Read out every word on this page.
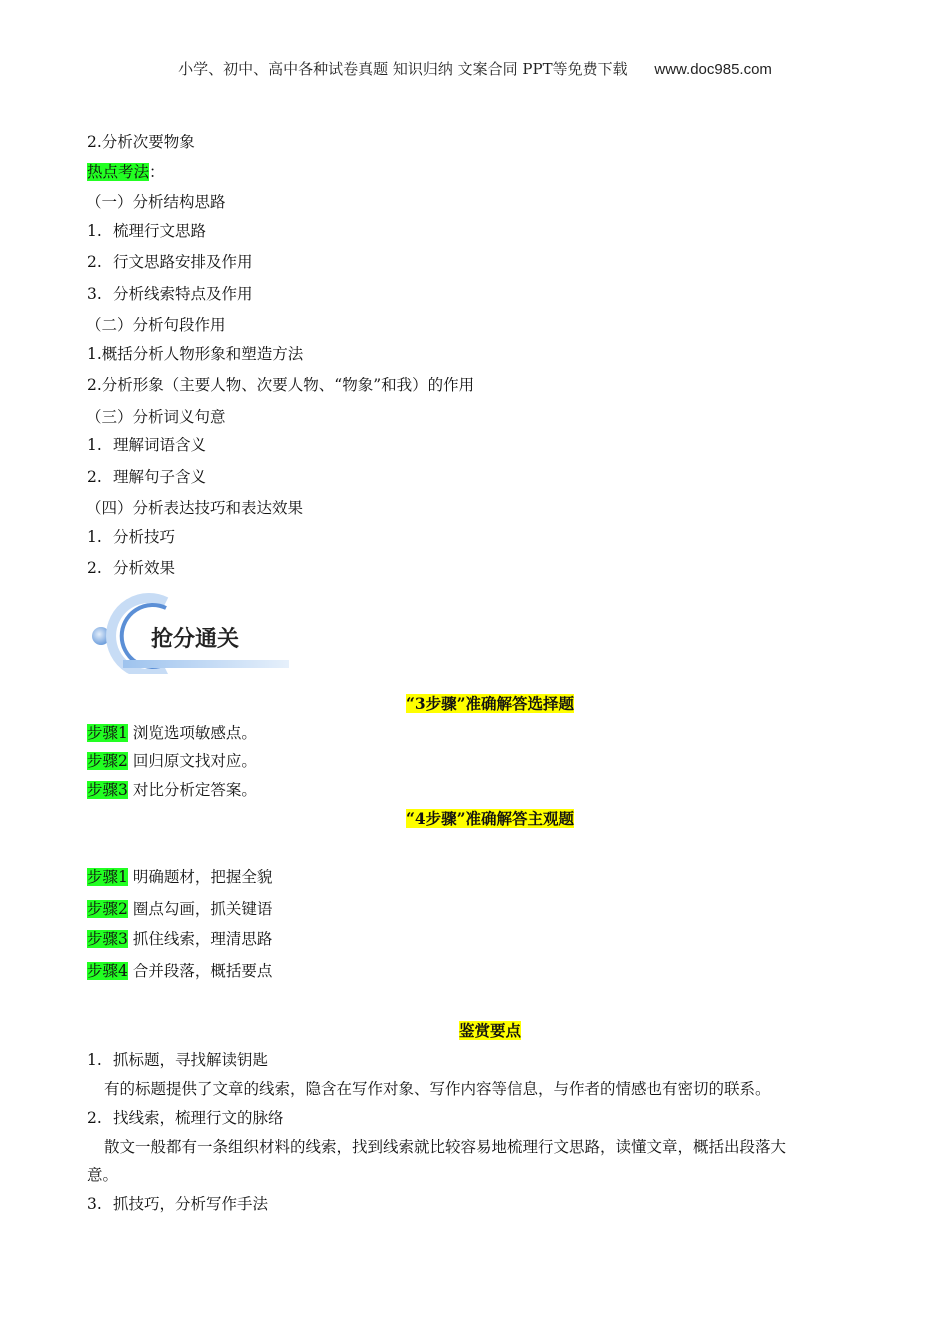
小学、初中、高中各种试卷真题 知识归纳 文案合同 PPT等免费下载 www.doc985.com
2.分析次要物象
热点考法：
（一）分析结构思路
1. 梳理行文思路
2. 行文思路安排及作用
3. 分析线索特点及作用
（二）分析句段作用
1.概括分析人物形象和塑造方法
2.分析形象（主要人物、次要人物、“物象”和我）的作用
（三）分析词义句意
1. 理解词语含义
2. 理解句子含义
（四）分析表达技巧和表达效果
1. 分析技巧
2. 分析效果
抢分通关
“3步骤”准确解答选择题
步骤1 浏览选项敏感点。
步骤2 回归原文找对应。
步骤3 对比分析定答案。
“4步骤”准确解答主观题
步骤1 明确题材，把握全貌
步骤2 圈点勾画，抓关键语
步骤3 抓住线索，理清思路
步骤4 合并段落，概括要点
鉴赏要点
1. 抓标题，寻找解读钥匙
有的标题提供了文章的线索，隐含在写作对象、写作内容等信息，与作者的情感也有密切的联系。
2. 找线索，梳理行文的脉络
散文一般都有一条组织材料的线索，找到线索就比较容易地梳理行文思路，读懂文章，概括出段落大
意。
3. 抓技巧，分析写作手法
